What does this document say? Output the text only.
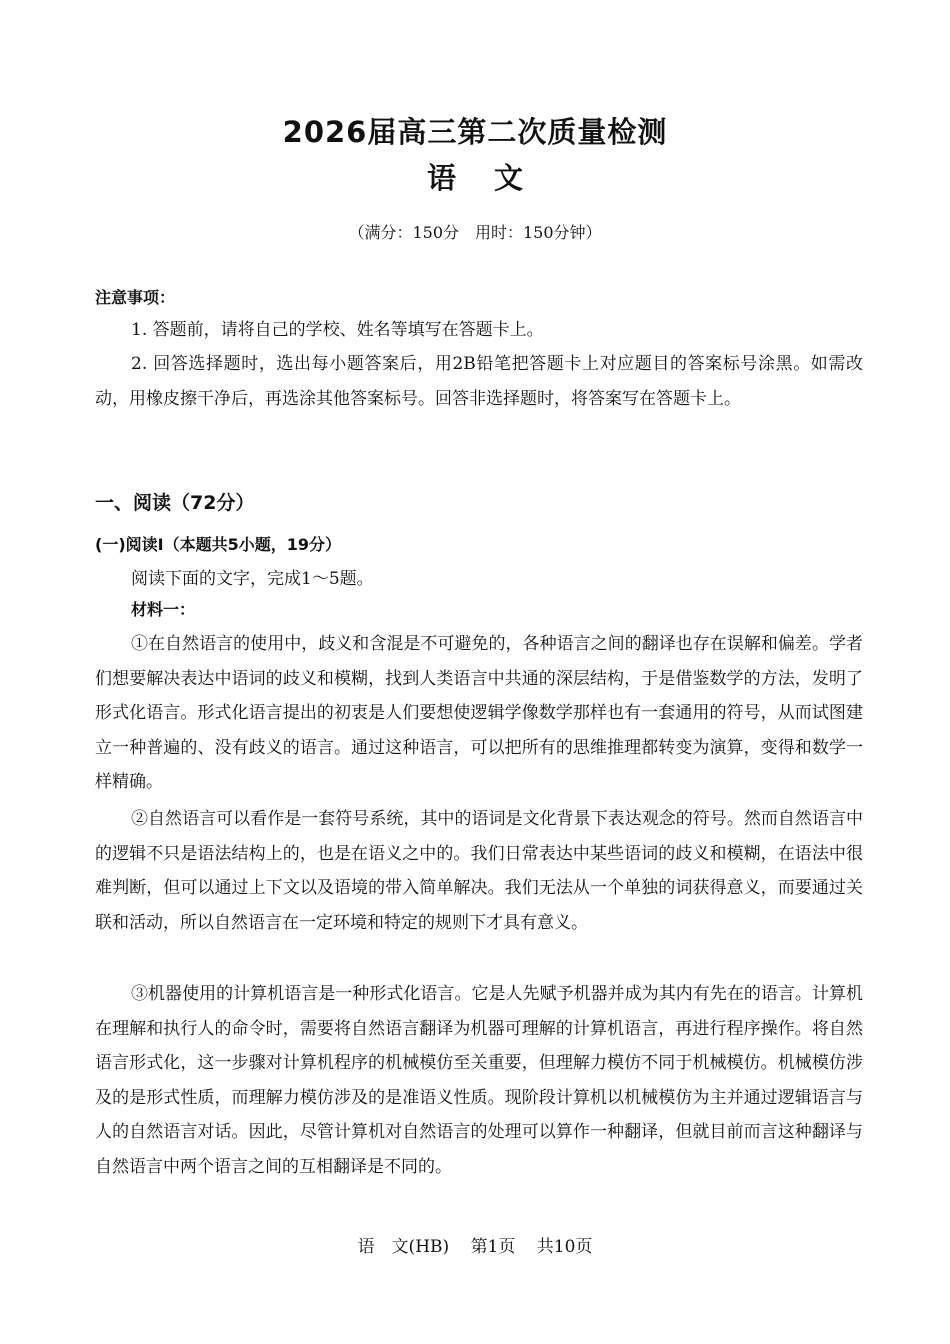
2026届高三第二次质量检测
语文
（满分：150分　用时：150分钟）
注意事项：
1. 答题前，请将自己的学校、姓名等填写在答题卡上。
2. 回答选择题时，选出每小题答案后，用2B铅笔把答题卡上对应题目的答案标号涂黑。如需改动，用橡皮擦干净后，再选涂其他答案标号。回答非选择题时，将答案写在答题卡上。
一、阅读（72分）
(一)阅读Ⅰ（本题共5小题，19分）
阅读下面的文字，完成1～5题。
材料一：
①在自然语言的使用中，歧义和含混是不可避免的，各种语言之间的翻译也存在误解和偏差。学者们想要解决表达中语词的歧义和模糊，找到人类语言中共通的深层结构，于是借鉴数学的方法，发明了形式化语言。形式化语言提出的初衷是人们要想使逻辑学像数学那样也有一套通用的符号，从而试图建立一种普遍的、没有歧义的语言。通过这种语言，可以把所有的思维推理都转变为演算，变得和数学一样精确。
②自然语言可以看作是一套符号系统，其中的语词是文化背景下表达观念的符号。然而自然语言中的逻辑不只是语法结构上的，也是在语义之中的。我们日常表达中某些语词的歧义和模糊，在语法中很难判断，但可以通过上下文以及语境的带入简单解决。我们无法从一个单独的词获得意义，而要通过关联和活动，所以自然语言在一定环境和特定的规则下才具有意义。
③机器使用的计算机语言是一种形式化语言。它是人先赋予机器并成为其内有先在的语言。计算机在理解和执行人的命令时，需要将自然语言翻译为机器可理解的计算机语言，再进行程序操作。将自然语言形式化，这一步骤对计算机程序的机械模仿至关重要，但理解力模仿不同于机械模仿。机械模仿涉及的是形式性质，而理解力模仿涉及的是准语义性质。现阶段计算机以机械模仿为主并通过逻辑语言与人的自然语言对话。因此，尽管计算机对自然语言的处理可以算作一种翻译，但就目前而言这种翻译与自然语言中两个语言之间的互相翻译是不同的。
语　文(HB) 第1页 共10页
